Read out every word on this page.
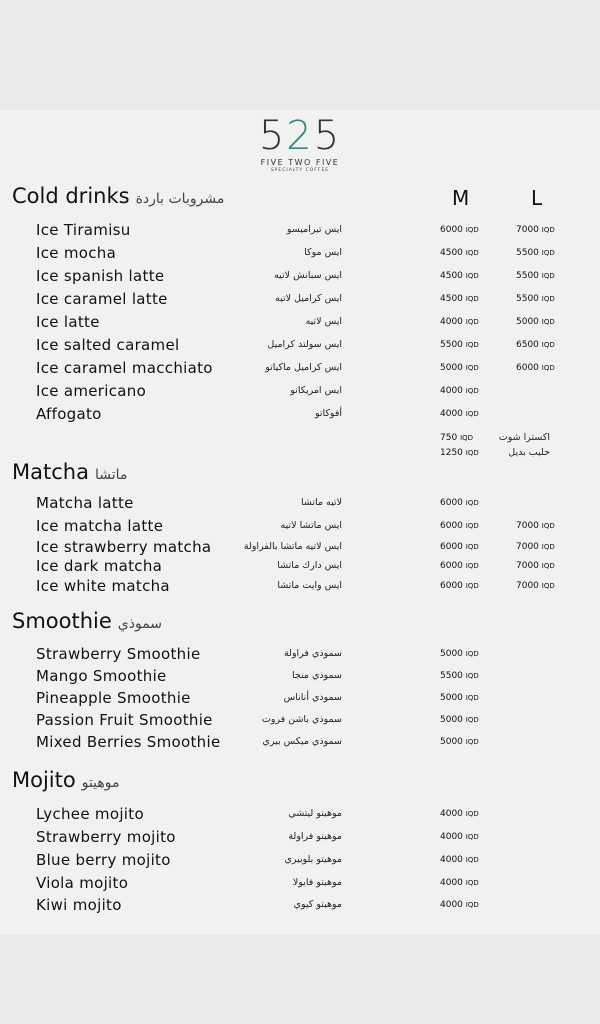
525
FIVE TWO FIVE
SPECIALTY COFFEE
Cold drinks مشروبات باردة	M	L
Matcha ماتشا
Smoothie سموذي
Mojito موهيتو
Ice Tiramisu	ايس تيراميسو	6000 IQD	7000 IQD
Ice mocha	ايس موكا	4500 IQD	5500 IQD
Ice spanish latte	ايس سبانش لاتيه	4500 IQD	5500 IQD
Ice caramel latte	ايس كراميل لاتيه	4500 IQD	5500 IQD
Ice latte	ايس لاتيه	4000 IQD	5000 IQD
Ice salted caramel	ايس سولتد كراميل	5500 IQD	6500 IQD
Ice caramel macchiato	ايس كراميل ماكياتو	5000 IQD	6000 IQD
Ice americano	ايس امريكانو	4000 IQD
Affogato	أفوكاتو	4000 IQD
Matcha latte	لاتيه ماتشا	6000 IQD
Ice matcha latte	ايس ماتشا لاتيه	6000 IQD	7000 IQD
Ice strawberry matcha	ايس لاتيه ماتشا بالفراولة	6000 IQD	7000 IQD
Ice dark matcha	ايس دارك ماتشا	6000 IQD	7000 IQD
Ice white matcha	ايس وايت ماتشا	6000 IQD	7000 IQD
Strawberry Smoothie	سموذي فراولة	5000 IQD
Mango Smoothie	سموذي منجا	5500 IQD
Pineapple Smoothie	سموذي أناناس	5000 IQD
Passion Fruit Smoothie	سموذي باشن فروت	5000 IQD
Mixed Berries Smoothie	سموذي ميكس بيري	5000 IQD
Lychee mojito	موهيتو ليتشي	4000 IQD
Strawberry mojito	موهيتو فراولة	4000 IQD
Blue berry mojito	موهيتو بلوبيري	4000 IQD
Viola mojito	موهيتو فايولا	4000 IQD
Kiwi mojito	موهيتو كيوي	4000 IQD
750 IQD	اكسترا شوت
1250 IQD	حليب بديل
